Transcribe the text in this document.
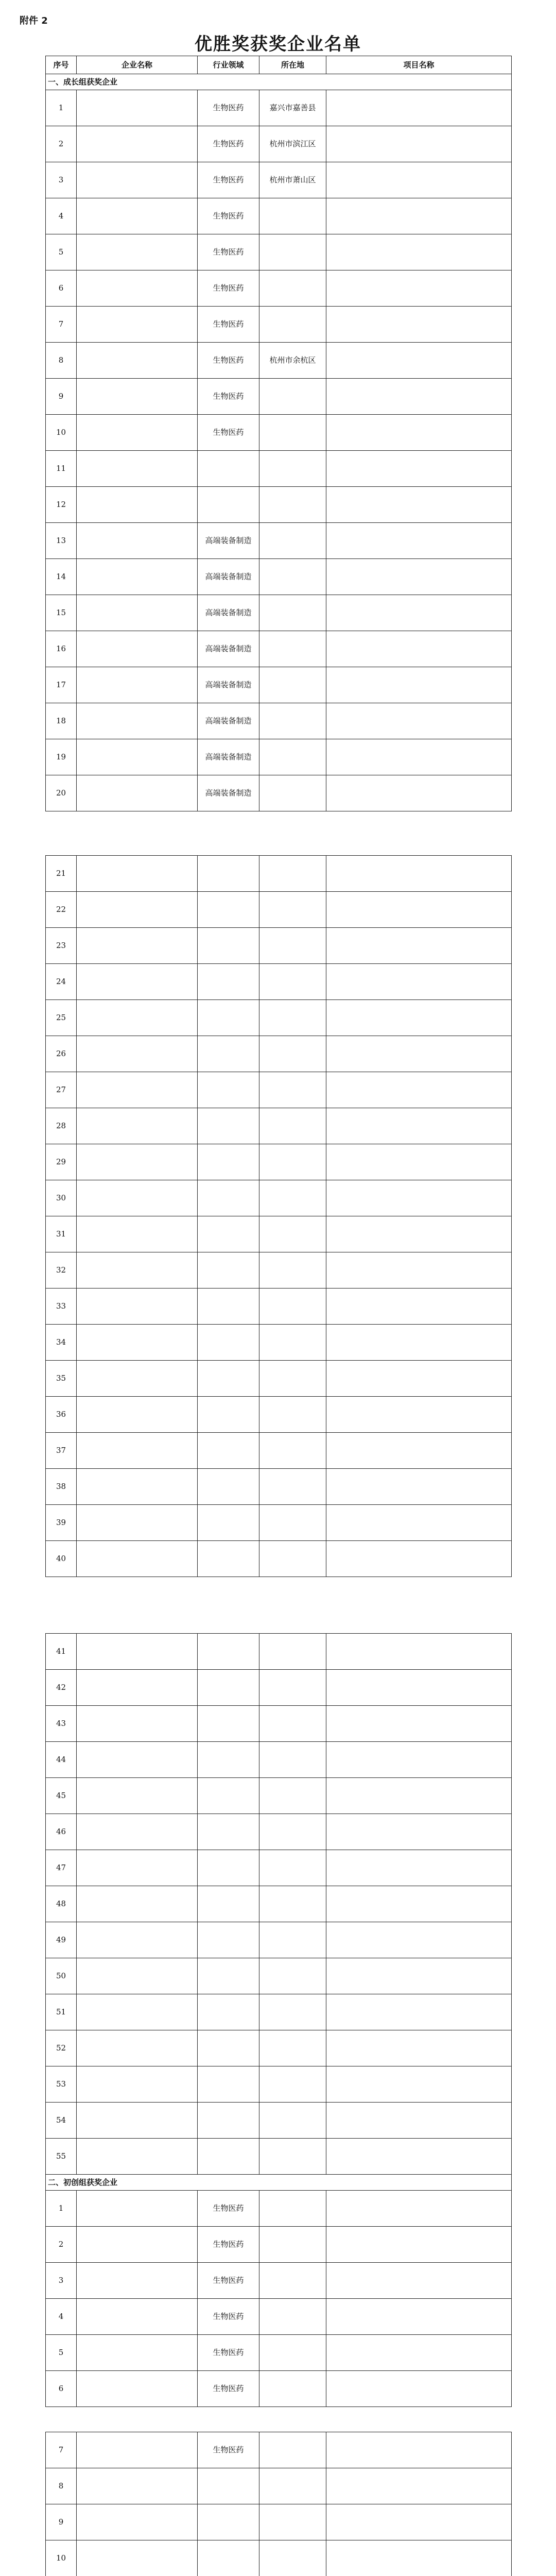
附件 2
优胜奖获奖企业名单
序号	企业名称	行业领域	所在地	项目名称
一、成长组获奖企业				
1		生物医药	嘉兴市嘉善县	
2		生物医药	杭州市滨江区	
3		生物医药	杭州市萧山区	
4		生物医药		
5		生物医药		
6		生物医药		
7		生物医药		
8		生物医药	杭州市余杭区	
9		生物医药		
10		生物医药		
11				
12				
13		高端装备制造		
14		高端装备制造		
15		高端装备制造		
16		高端装备制造		
17		高端装备制造		
18		高端装备制造		
19		高端装备制造		
20		高端装备制造		
21				
22				
23				
24				
25				
26				
27				
28				
29				
30				
31				
32				
33				
34				
35				
36				
37				
38				
39				
40				
41				
42				
43				
44				
45				
46				
47				
48				
49				
50				
51				
52				
53				
54				
55				
二、初创组获奖企业				
1		生物医药		
2		生物医药		
3		生物医药		
4		生物医药		
5		生物医药		
6		生物医药		
7		生物医药		
8				
9				
10				
